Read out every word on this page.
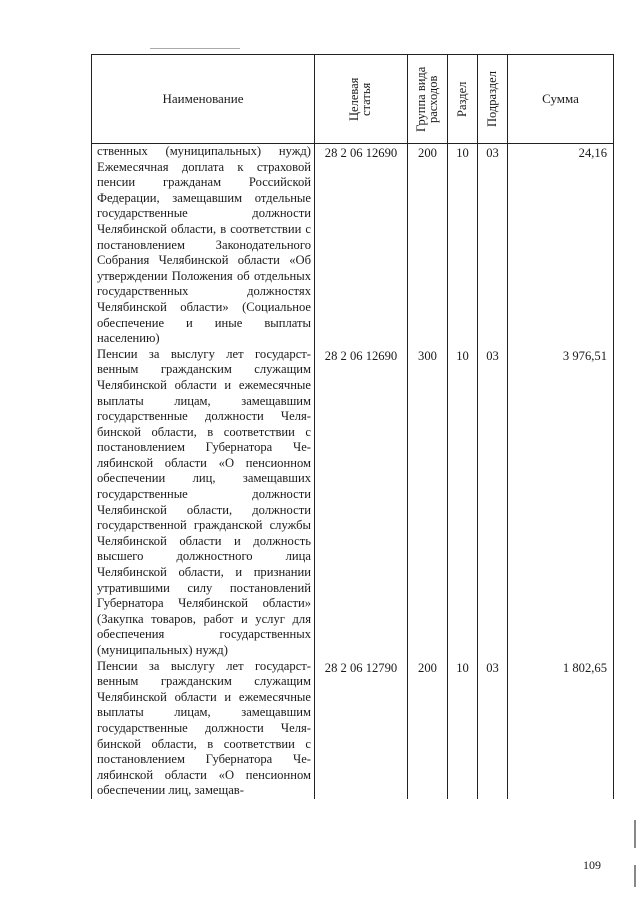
Наименование	Целевая статья	Группа вида расходов	Раздел	Подраздел	Сумма
ственных (муниципальных) нужд) Ежемесячная доплата к страховой пенсии гражданам Российской Федерации, замещавшим отдельные государственные должности Челябинской области, в соответствии с постановлением Законодательного Собрания Челябинской области «Об утверждении Положения об отдельных государственных должностях Челябинской области» (Социальное обеспечение и иные выплаты населению)	28 2 06 12690	200	10	03	24,16
Пенсии за выслугу лет государственным гражданским служащим Челябинской области и ежемесячные выплаты лицам, замещавшим государственные должности Челябинской области, в соответствии с постановлением Губернатора Челябинской области «О пенсионном обеспечении лиц, замещавших государственные должности Челябинской области, должности государственной гражданской службы Челябинской области и должность высшего должностного лица Челябинской области, и признании утратившими силу постановлений Губернатора Челябинской области» (Закупка товаров, работ и услуг для обеспечения государственных (муниципальных) нужд)	28 2 06 12690	300	10	03	3 976,51
Пенсии за выслугу лет государственным гражданским служащим Челябинской области и ежемесячные выплаты лицам, замещавшим государственные должности Челябинской области, в соответствии с постановлением Губернатора Челябинской области «О пенсионном обеспечении лиц, замещав-	28 2 06 12790	200	10	03	1 802,65
109
